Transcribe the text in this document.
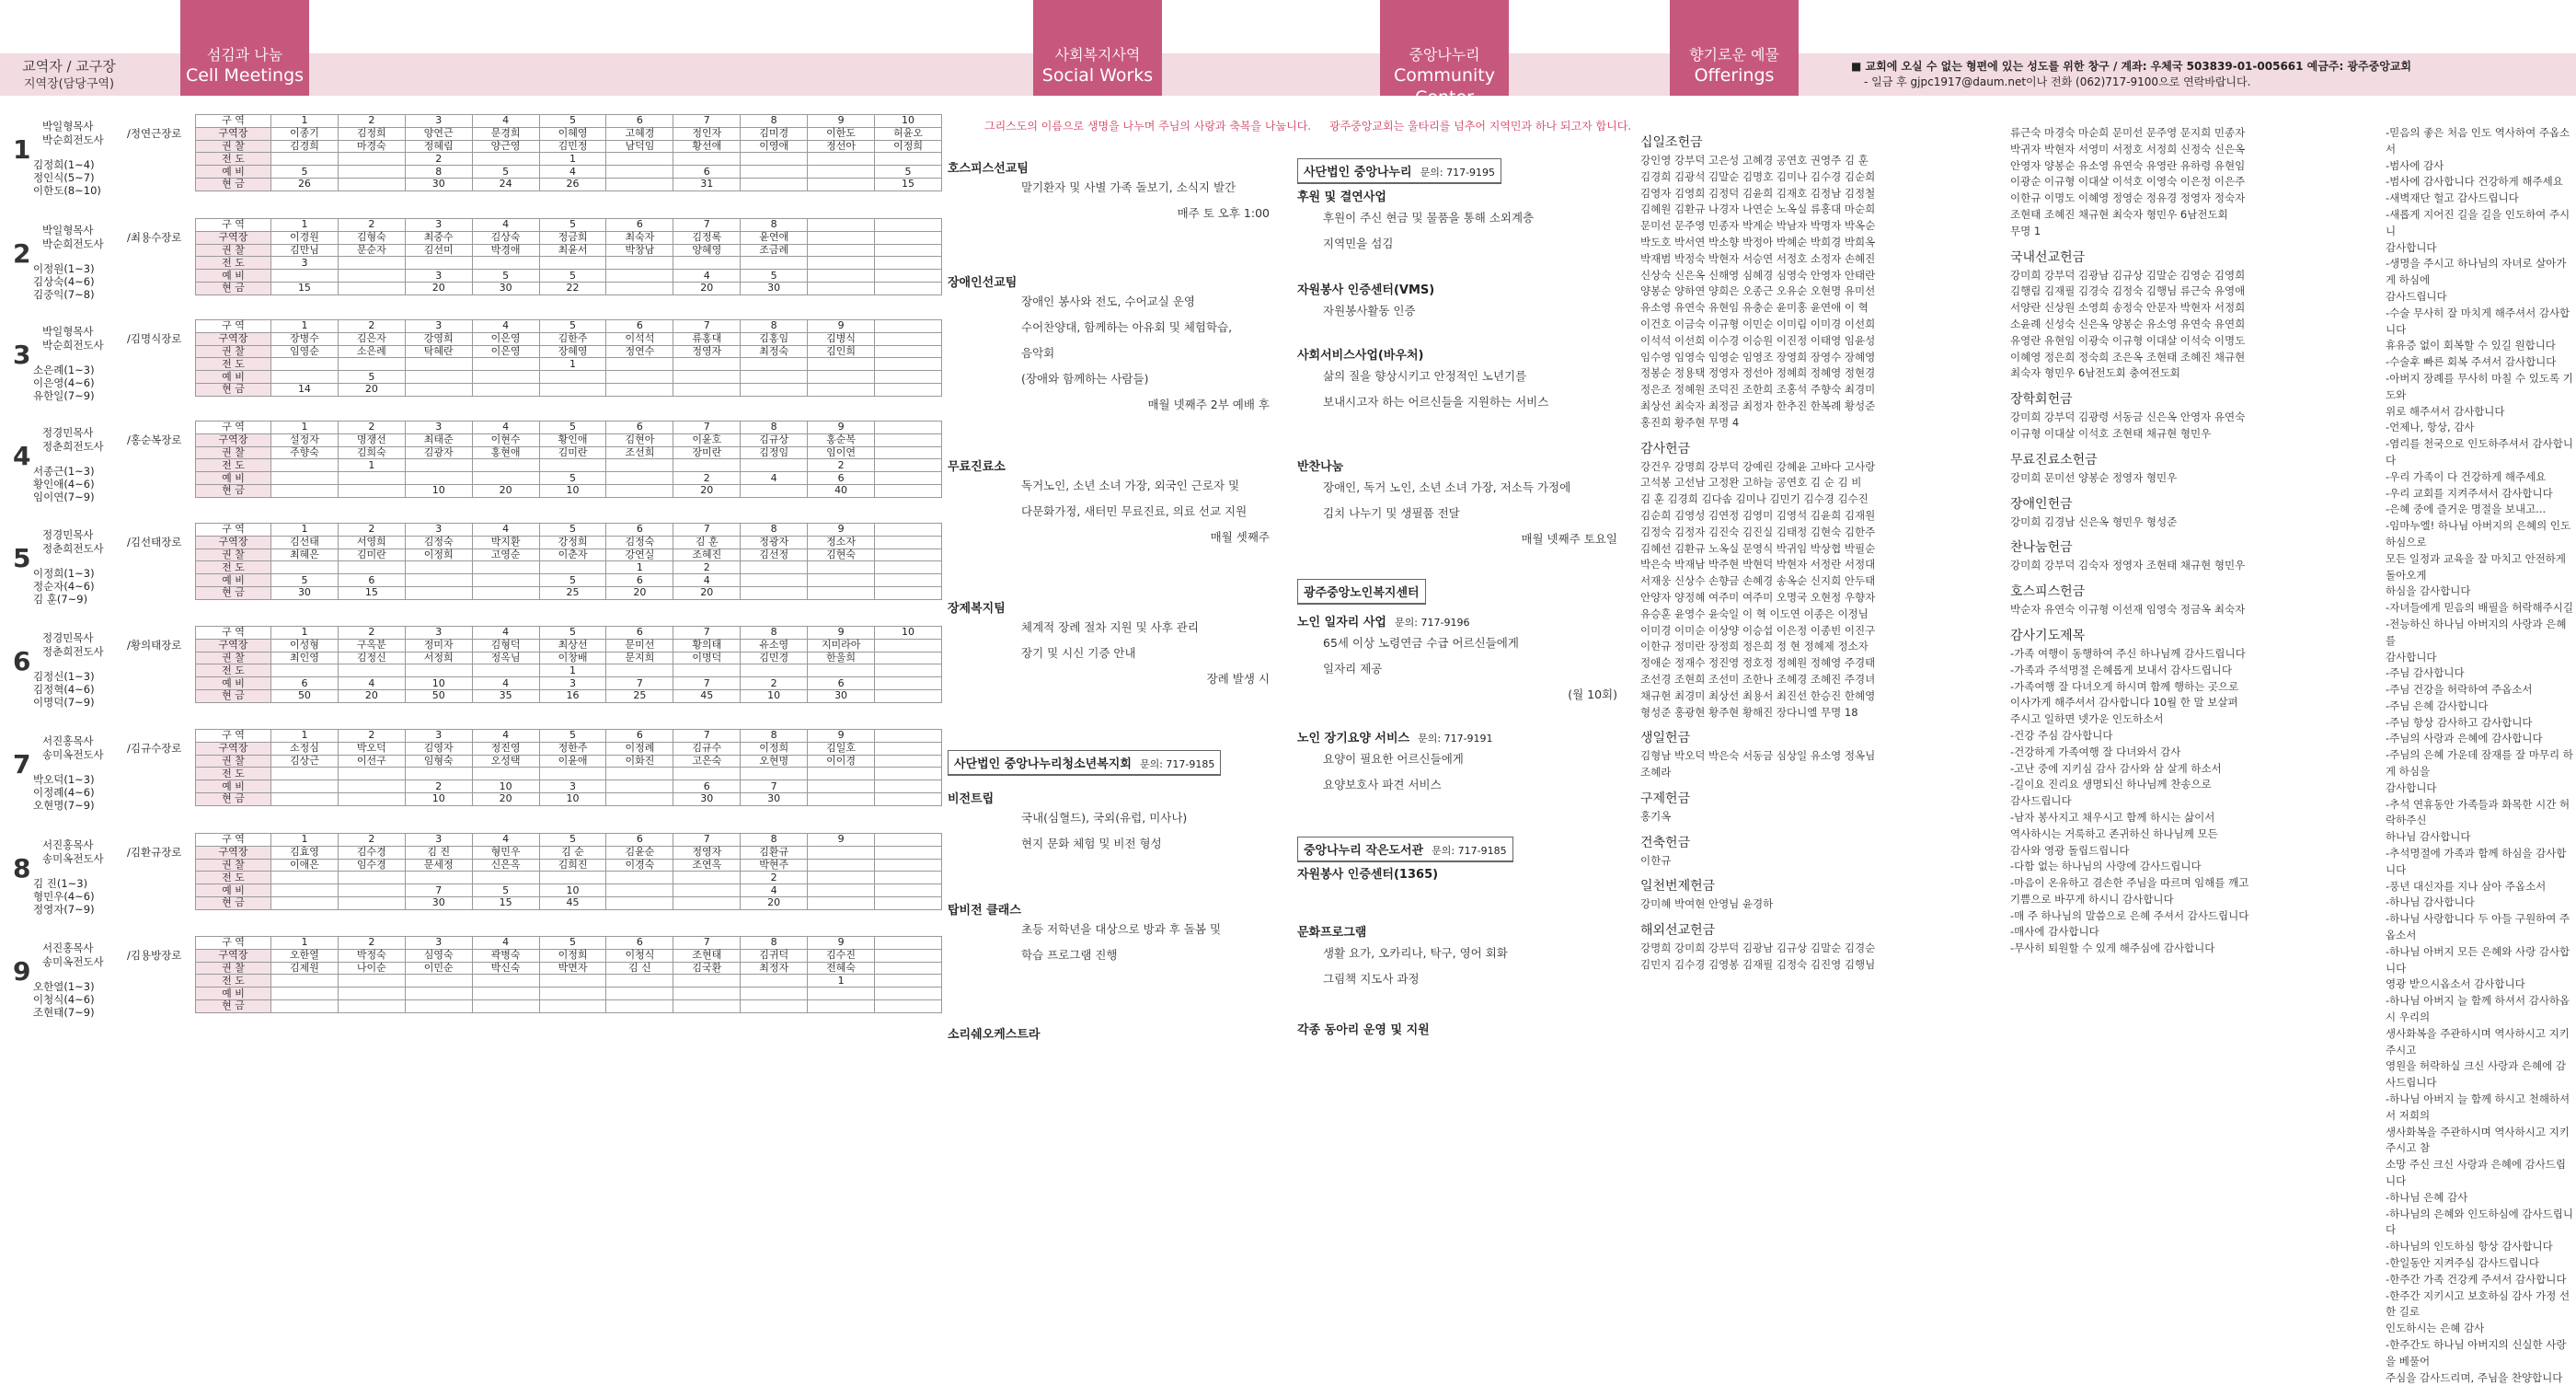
교역자 / 교구장
지역장(담당구역)
섬김과 나눔
Cell Meetings
사회복지사역
Social Works
중앙나누리
Community Center
향기로운 예물
Offerings	■ 교회에 오실 수 없는 형편에 있는 성도를 위한 창구 / 계좌: 우체국 503839-01-005661 예금주: 광주중앙교회
- 일금 후 gjpc1917@daum.net이나 전화 (062)717-9100으로 연락바랍니다.
1
박일형목사
박순희전도사 /정연근장로
김정희(1~4)
정인식(5~7)
이한도(8~10)
구 역	1	2	3	4	5	6	7	8	9	10
구역장	이종기	김정희	양연근	문경희	이혜영	고혜경	정인자	김미경	이한도	허윤오
권 찰	김경희	마경숙	정혜림	양근영	김민정	남덕임	황선애	이영애	정선아	이정희
전 도			2		1					
예 비	5		8	5	4		6			5
현 금	26		30	24	26		31			15
2
박일형목사
박순희전도사 /최용수장로
이정원(1~3)
김상숙(4~6)
김중익(7~8)
구 역	1	2	3	4	5	6	7	8		
구역장	이경원	김형숙	최중수	김상숙	정금희	최숙자	김정록	윤연애		
권 찰	김만님	문순자	김선미	박경애	최윤서	박창남	양혜영	조금례		
전 도	3									
예 비			3	5	5		4	5		
현 금	15		20	30	22		20	30		
3
박일형목사
박순희전도사 /김명식장로
소은례(1~3)
이은영(4~6)
유한일(7~9)
구 역	1	2	3	4	5	6	7	8	9	
구역장	장병수	김은자	강영희	이은영	김한주	이석석	류홍대	김홍임	김병식	
권 찰	임영순	소은례	탁혜란	이은영	장혜영	정연수	정영자	최정숙	김인희	
전 도					1					
예 비		5								
현 금	14	20								
4
정경민목사
정춘희전도사 /홍순복장로
서종근(1~3)
황인애(4~6)
임이연(7~9)
구 역	1	2	3	4	5	6	7	8	9	
구역장	설정자	명쟁선	최태준	이현수	황인애	김현아	이윤호	김규상	홍순복	
권 찰	주향숙	김희숙	김광자	홍현애	김미란	조선희	장미란	김정임	임이연	
전 도		1							2	
예 비					5		2	4	6	
현 금			10	20	10		20		40	
5
정경민목사
정춘희전도사 /김선태장로
이정희(1~3)
정순자(4~6)
김 훈(7~9)
구 역	1	2	3	4	5	6	7	8	9	
구역장	김선태	서영희	김정숙	박지환	강정희	김정숙	김 훈	정광자	정소자	
권 찰	최혜은	김미란	이정희	고영순	이춘자	강연실	조혜진	김선정	김현숙	
전 도						1	2			
예 비	5	6			5	6	4			
현 금	30	15			25	20	20			
6
정경민목사
정춘희전도사 /황의태장로
김정신(1~3)
김정혁(4~6)
이명덕(7~9)
구 역	1	2	3	4	5	6	7	8	9	10
구역장	이성형	구옥분	정미자	김형덕	최상선	문미선	황의태	유소영	지미라아	
권 찰	최인영	김정신	서정희	정옥님	이창배	문지희	이명덕	김민경	한울희	
전 도					1					
예 비	6	4	10	4	3	7	7	2	6	
현 금	50	20	50	35	16	25	45	10	30	
7
서진홍목사
송미옥전도사 /김규수장로
박오덕(1~3)
이정례(4~6)
오현명(7~9)
구 역	1	2	3	4	5	6	7	8	9	
구역장	소정심	박오덕	김영자	정진영	정한주	이정례	김규수	이정희	김일호	
권 찰	김상근	이선구	임형숙	오성택	이윤애	이화진	고은숙	오현명	이이경	
전 도										
예 비			2	10	3		6	7		
현 금			10	20	10		30	30		
8
서진홍목사
송미옥전도사 /김환규장로
김 진(1~3)
형민우(4~6)
정영자(7~9)
구 역	1	2	3	4	5	6	7	8	9	
구역장	김효영	김수경	김 진	형민우	김 순	김윤순	정영자	김환규		
권 찰	이애은	임수경	문세정	신은옥	김희진	이경숙	조연옥	박현주		
전 도								2		
예 비			7	5	10			4		
현 금			30	15	45			20		
9
서진홍목사
송미옥전도사 /김용방장로
오한열(1~3)
이청식(4~6)
조현태(7~9)
구 역	1	2	3	4	5	6	7	8	9	
구역장	오한열	박정숙	심영숙	곽병숙	이정희	이청식	조현태	김귀덕	김수진	
권 찰	김제원	나이순	이민순	박신숙	박면자	김 신	김국환	최정자	전혜숙	
전 도									1	
예 비										
현 금										
그리스도의 이름으로 생명을 나누며 주님의 사랑과 축복을 나눕니다.
호스피스선교팀
말기환자 및 사별 가족 돌보기, 소식지 발간
매주 토 오후 1:00
장애인선교팀
장애인 봉사와 전도, 수어교실 운영
수어찬양대, 함께하는 아유회 및 체험학습,
음악회
(장애와 함께하는 사람들)
매월 넷째주 2부 예배 후
무료진료소
독거노인, 소년 소녀 가장, 외국인 근로자 및
다문화가정, 새터민 무료진료, 의료 선교 지원
매월 셋째주
장제복지팀
체계적 장례 절차 지원 및 사후 관리
장기 및 시신 기증 안내
장례 발생 시
사단법인 중앙나누리청소년복지회 문의: 717-9185
비전트립
국내(심혈드), 국외(유럽, 미사나)
현지 문화 체험 및 비전 형성
탑비전 클래스
초등 저학년을 대상으로 방과 후 돌봄 및
학습 프로그램 진행
소리쉐오케스트라
광주중앙교회는 울타리를 넘추어 지역민과 하나 되고자 합니다.
사단법인 중앙나누리 문의: 717-9195
후원 및 결연사업
후원이 주신 현금 및 물품을 통해 소외계층
지역민을 섬김
자원봉사 인증센터(VMS)
자원봉사활동 인증
사회서비스사업(바우처)
삶의 질을 향상시키고 안정적인 노년기를
보내시고자 하는 어르신들을 지원하는 서비스
반찬나눔
장애인, 독거 노인, 소년 소녀 가장, 저소득 가정에
김치 나누기 및 생필품 전달
매월 넷째주 토요일
광주중앙노인복지센터
노인 일자리 사업 문의: 717-9196
65세 이상 노령연금 수급 어르신들에게
일자리 제공
(월 10회)
노인 장기요양 서비스 문의: 717-9191
요양이 필요한 어르신들에게
요양보호사 파견 서비스
중앙나누리 작은도서관 문의: 717-9185
자원봉사 인증센터(1365)
문화프로그램
생활 요가, 오카리나, 탁구, 영어 회화
그림책 지도사 과정
각종 동아리 운영 및 지원
십일조헌금
강인영 강부덕 고은성 고혜경 공연호 권영주 김 훈
김경희 김광석 김말순 김명호 김미나 김수경 김순희
김영자 김영희 김정덕 김윤희 김재호 김정남 김정철
김혜원 김환규 나경자 나연순 노옥실 류홍대 마순희
문미선 문주영 민종자 박계순 박남자 박명자 박옥순
박도호 박서연 박소향 박정아 박혜순 박희경 박희옥
박재범 박정숙 박현자 서승연 서정호 소정자 손혜진
신상숙 신은옥 신해영 심혜경 심영숙 안영자 안태란
양봉순 양하연 양희은 오종근 오유순 오현명 유미선
유소영 유연숙 유현임 유충순 윤미홍 윤연애 이 혁
이건호 이금숙 이규형 이민순 이미림 이미경 이선희
이석석 이선희 이수경 이승원 이진정 이태영 임윤성
임수영 임영숙 임영순 임영조 장영희 장영수 장혜영
정봉순 정용택 정영자 정선아 정혜희 정혜영 정현경
정은조 정혜원 조덕진 조한희 조홍석 주향숙 최경미
최상선 최숙자 최정금 최정자 한추진 한복례 황성준
홍진희 황주현 무명 4
감사헌금
강건우 강명희 강부덕 강예린 강혜윤 고바다 고사랑
고석봉 고선남 고정완 고하늘 공연호 김 순 김 비
김 훈 김경희 김다솜 김미나 김민기 김수경 김수진
김순희 김영성 김연정 김영미 김영석 김윤희 김재원
김정숙 김정자 김진숙 김진실 김태정 김현숙 김한주
김혜선 김환규 노옥실 문영식 박귀임 박상협 박필순
박은숙 박재남 박주현 박현덕 박현자 서정란 서정대
서재웅 신상수 손향금 손혜경 송옥순 신지희 안두태
안양자 양정혜 여주미 여주미 오명국 오현정 우향자
유승훈 윤영수 윤숙일 이 혁 이도연 이종은 이정님
이미경 이미순 이상양 이승섭 이은정 이종빈 이진구
이한규 정미란 장정희 정은희 정 현 정혜제 정소자
정애순 정재수 정진영 정호정 정혜원 정혜영 주경태
조선경 조현희 조선미 조한나 조혜경 조혜진 주경녀
채규현 최경미 최상선 최용서 최진선 한승진 한혜영
형성준 홍광현 황주현 황해진 장다니엘 무명 18
생일헌금
김형남 박오덕 박은숙 서동금 심상일 유소영 정옥님
조혜라
구제헌금
홍기옥
건축헌금
이한규
일천번제헌금
강미혜 박여현 안영님 윤경하
해외선교헌금
강명희 강미희 강부덕 김광남 김규상 김말순 김경순
김민지 김수경 김영봉 김재필 김정숙 김진영 김행님
류근숙 마경숙 마순희 문미선 문주영 문지희 민종자
박귀자 박현자 서영미 서정호 서정희 신정숙 신은옥
안영자 양봉순 유소영 유연숙 유영란 유하령 유현임
이광순 이규형 이대살 이석호 이영숙 이은정 이은주
이한규 이명도 이혜영 정영순 정유경 정영자 정숙자
조현태 조혜진 채규현 최숙자 형민우 6남전도회
무명 1
국내선교헌금
강미희 강부덕 김광남 김규상 김말순 김영순 김영희
김행림 김재필 김경숙 김정숙 김행님 류근숙 유영애
서양란 신상원 소영희 송정숙 안문자 박현자 서정희
소윤례 신성숙 신은옥 양봉순 유소영 유연숙 유연희
유영란 유현임 이광숙 이규형 이대살 이석숙 이명도
이혜영 정은희 정숙희 조은옥 조현태 조혜진 채규현
최숙자 형민우 6남전도회 충여전도회
장학회헌금
강미희 강부덕 김광령 서동금 신은옥 안영자 유연숙
이규형 이대살 이석호 조현태 채규현 형민우
무료진료소헌금
강미희 문미선 양봉순 정영자 형민우
장애인헌금
강미희 김경남 신은옥 형민우 형성준
찬나눔헌금
강미희 강부덕 김숙자 정영자 조현태 채규현 형민우
호스피스헌금
박순자 유연숙 이규형 이선재 임영숙 정금옥 최숙자
감사기도제목
-가족 여행이 동행하여 주신 하나님께 감사드립니다
-가족과 주석명절 은혜롭게 보내서 감사드립니다
-가족여행 잘 다녀오게 하시며 함께 행하는 곳으로
이사가게 해주셔서 감사합니다 10월 한 말 보살펴
주시고 일하면 넷가운 인도하소서
-건강 주심 감사합니다
-건강하게 가족여행 잘 다녀와서 감사
-고난 중에 지키심 감사 감사와 삼 살게 하소서
-길이요 진리요 생명되신 하나님께 찬송으로
감사드립니다
-남자 봉사지고 채우시고 함께 하시는 삶이서
역사하시는 거룩하고 존귀하신 하나님께 모든
감사와 영광 돌립드립니다
-다함 없는 하나님의 사랑에 감사드립니다
-마음이 온유하고 겸손한 주님을 따르며 임해를 깨고
기쁨으로 바꾸게 하시니 감사합니다
-매 주 하나님의 말씀으로 은혜 주셔서 감사드립니다
-매사에 감사합니다
-무사히 퇴원할 수 있게 해주심에 감사합니다
-믿음의 좋은 처음 인도 역사하여 주옵소서
-범사에 감사
-범사에 감사합니다 건강하게 해주세요
-새벽재단 헐고 감사드립니다
-새롭게 지어진 길을 길을 인도하여 주시니
감사합니다
-생명을 주시고 하나님의 자녀로 살아가게 하심에
감사드립니다
-수술 무사히 잘 마치게 해주셔서 감사합니다
휴유증 없이 회복할 수 있길 원합니다
-수술후 빠른 회복 주셔서 감사합니다
-아버지 장례를 무사히 마칠 수 있도록 기도와
위로 해주셔서 감사합니다
-언제나, 항상, 감사
-염리를 천국으로 인도하주셔서 감사합니다
-우리 가족이 다 건강하게 해주세요
-우리 교회를 지켜주셔서 감사합니다
-은혜 중에 즐거운 명절을 보내고...
-임마누엘! 하나님 아버지의 은혜의 인도하심으로
모든 일정과 교육을 잘 마치고 안전하게 돌아오게
하심을 감사합니다
-자녀들에게 믿음의 배필을 허락해주시길
-전능하신 하나님 아버지의 사랑과 은혜를
감사합니다
-주님 감사합니다
-주님 건강을 허락하여 주옵소서
-주님 은혜 감사합니다
-주님 항상 감사하고 감사합니다
-주님의 사랑과 은혜에 감사합니다
-주님의 은혜 가운데 잠재를 잘 마무리 하게 하심을
감사합니다
-추석 연휴동안 가족들과 화목한 시간 허락하주신
하나님 감사합니다
-추석명절에 가족과 함께 하심을 감사합니다
-풍년 대신자를 지나 삼아 주옵소서
-하나님 감사합니다
-하나님 사랑합니다 두 아들 구원하여 주옵소서
-하나님 아버지 모든 은혜와 사랑 감사합니다
영광 받으시옵소서 감사합니다
-하나님 아버지 늘 함께 하셔서 감사하옵시 우리의
생사화복을 주관하시며 역사하시고 지키주시고
영원을 허락하실 크신 사랑과 은혜에 감사드립니다
-하나님 아버지 늘 함께 하시고 천해하셔서 저희의
생사화복을 주관하시며 역사하시고 지키주시고 참
소망 주신 크신 사랑과 은혜에 감사드립니다
-하나님 은혜 감사
-하나님의 은혜와 인도하심에 감사드립니다
-하나님의 인도하심 항상 감사합니다
-한일동안 지켜주심 감사드립니다
-한주간 가족 건강케 주셔서 감사합니다
-한주간 지키시고 보호하심 감사 가정 선한 길로
인도하시는 은혜 감사
-한주간도 하나님 아버지의 신실한 사랑을 베풀어
주심을 감사드리며, 주님을 찬양합니다
